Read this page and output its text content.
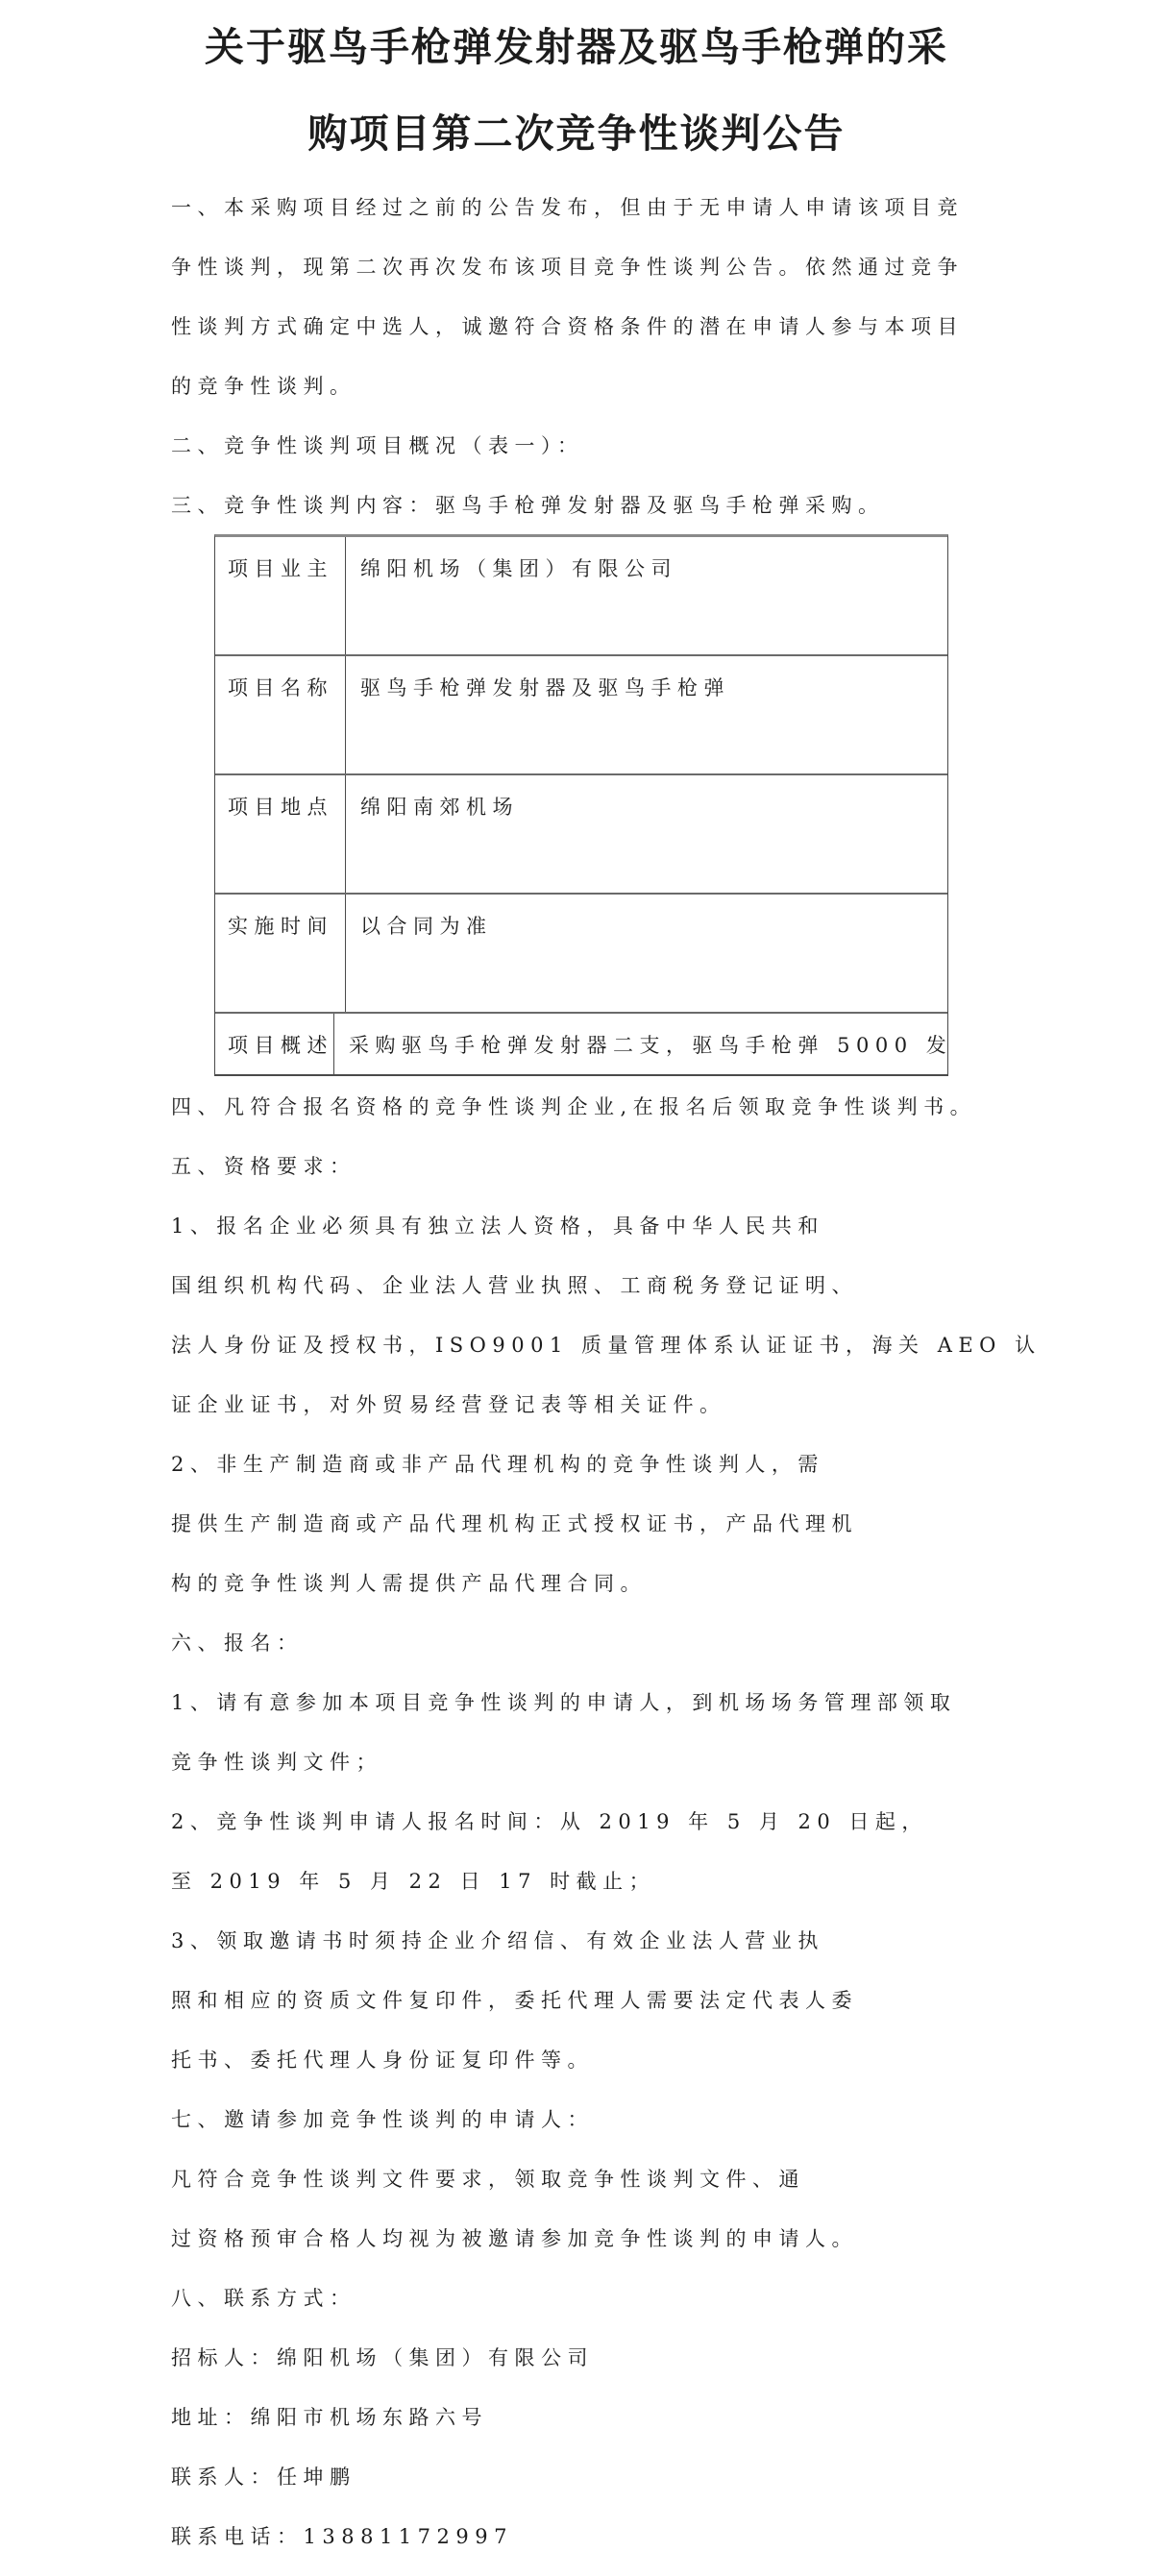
关于驱鸟手枪弹发射器及驱鸟手枪弹的采
购项目第二次竞争性谈判公告
一、本采购项目经过之前的公告发布，但由于无申请人申请该项目竞
争性谈判，现第二次再次发布该项目竞争性谈判公告。依然通过竞争
性谈判方式确定中选人，诚邀符合资格条件的潜在申请人参与本项目
的竞争性谈判。
二、竞争性谈判项目概况（表一）：
三、竞争性谈判内容：驱鸟手枪弹发射器及驱鸟手枪弹采购。
项目业主	绵阳机场（集团）有限公司
项目名称	驱鸟手枪弹发射器及驱鸟手枪弹
项目地点	绵阳南郊机场
实施时间	以合同为准
项目概述 采购驱鸟手枪弹发射器二支，驱鸟手枪弹 5000 发
四、凡符合报名资格的竞争性谈判企业,在报名后领取竞争性谈判书。
五、资格要求：
1、报名企业必须具有独立法人资格，具备中华人民共和
国组织机构代码、企业法人营业执照、工商税务登记证明、
法人身份证及授权书，ISO9001 质量管理体系认证证书，海关 AEO 认
证企业证书，对外贸易经营登记表等相关证件。
2、非生产制造商或非产品代理机构的竞争性谈判人，需
提供生产制造商或产品代理机构正式授权证书，产品代理机
构的竞争性谈判人需提供产品代理合同。
六、报名：
1、请有意参加本项目竞争性谈判的申请人，到机场场务管理部领取
竞争性谈判文件；
2、竞争性谈判申请人报名时间：从 2019 年 5 月 20 日起，
至 2019 年 5 月 22 日 17 时截止；
3、领取邀请书时须持企业介绍信、有效企业法人营业执
照和相应的资质文件复印件，委托代理人需要法定代表人委
托书、委托代理人身份证复印件等。
七、邀请参加竞争性谈判的申请人：
凡符合竞争性谈判文件要求，领取竞争性谈判文件、通
过资格预审合格人均视为被邀请参加竞争性谈判的申请人。
八、联系方式：
招标人：绵阳机场（集团）有限公司
地址：绵阳市机场东路六号
联系人：任坤鹏
联系电话：13881172997
